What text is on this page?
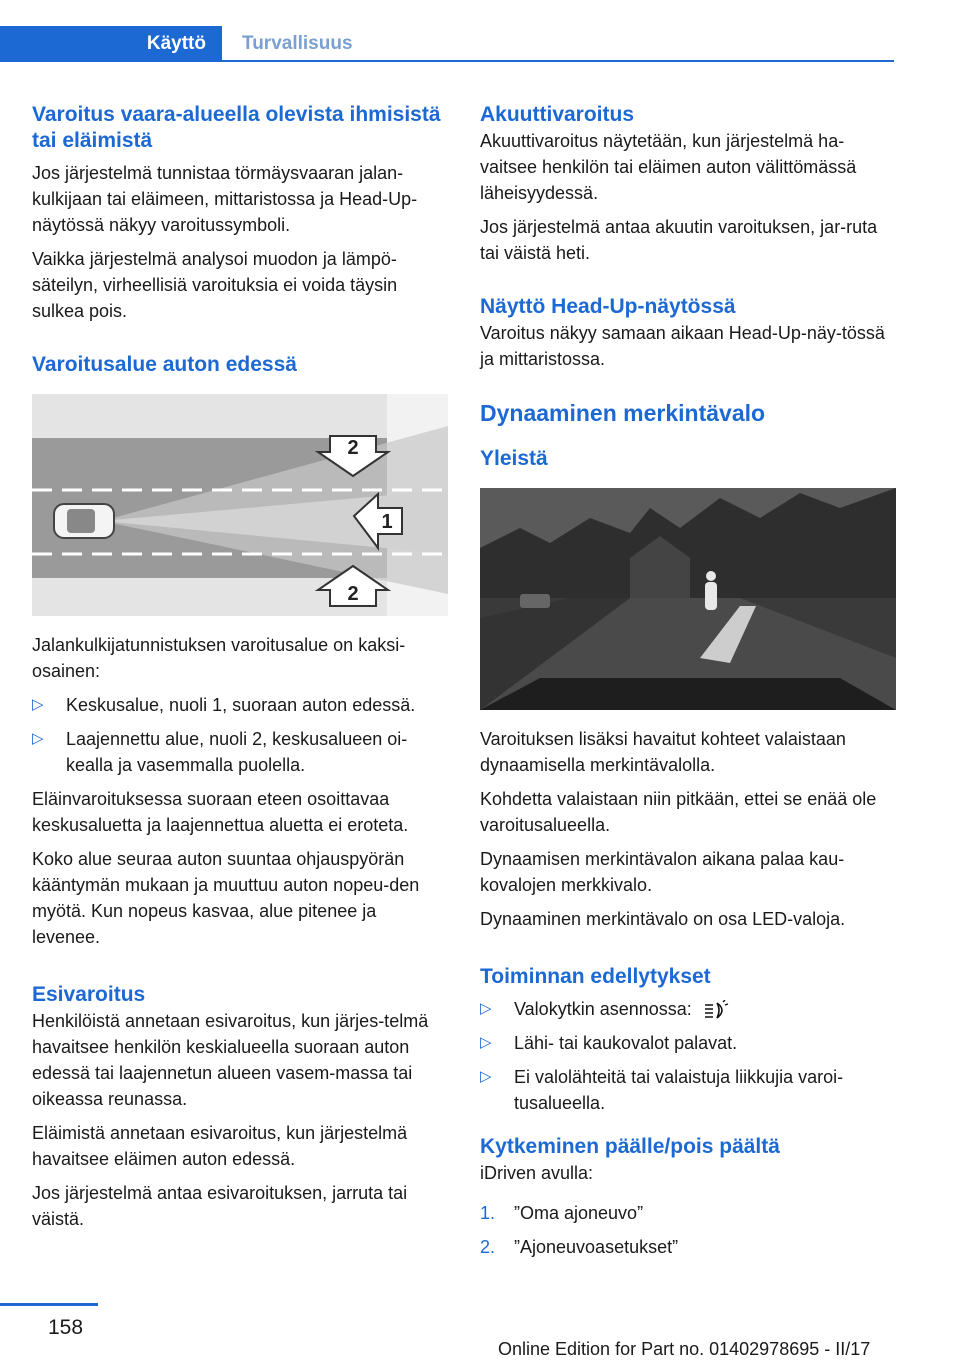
Käyttö	Turvallisuus
Varoitus vaara-alueella olevista ihmisistä tai eläimistä

Jos järjestelmä tunnistaa törmäysvaaran jalan-kulkijaan tai eläimeen, mittaristossa ja Head-Up-näytössä näkyy varoitussymboli.

Vaikka järjestelmä analysoi muodon ja lämpö-säteilyn, virheellisiä varoituksia ei voida täysin sulkea pois.

Varoitusalue auton edessä
2
1
2

Jalankulkijatunnistuksen varoitusalue on kaksi-osainen:

▷ Keskusalue, nuoli 1, suoraan auton edessä.
▷ Laajennettu alue, nuoli 2, keskusalueen oi-kealla ja vasemmalla puolella.

Eläinvaroituksessa suoraan eteen osoittavaa keskusaluetta ja laajennettua aluetta ei eroteta.

Koko alue seuraa auton suuntaa ohjauspyörän kääntymän mukaan ja muuttuu auton nopeu-den myötä. Kun nopeus kasvaa, alue pitenee ja levenee.

Esivaroitus

Henkilöistä annetaan esivaroitus, kun järjes-telmä havaitsee henkilön keskialueella suoraan auton edessä tai laajennetun alueen vasem-massa tai oikeassa reunassa.

Eläimistä annetaan esivaroitus, kun järjestelmä havaitsee eläimen auton edessä.

Jos järjestelmä antaa esivaroituksen, jarruta tai väistä.

Akuuttivaroitus

Akuuttivaroitus näytetään, kun järjestelmä ha-vaitsee henkilön tai eläimen auton välittömässä läheisyydessä.

Jos järjestelmä antaa akuutin varoituksen, jar-ruta tai väistä heti.

Näyttö Head-Up-näytössä

Varoitus näkyy samaan aikaan Head-Up-näy-tössä ja mittaristossa.

Dynaaminen merkintävalo
Yleistä

Varoituksen lisäksi havaitut kohteet valaistaan dynaamisella merkintävalolla.

Kohdetta valaistaan niin pitkään, ettei se enää ole varoitusalueella.

Dynaamisen merkintävalon aikana palaa kau-kovalojen merkkivalo.

Dynaaminen merkintävalo on osa LED-valoja.

Toiminnan edellytykset
▷ Valokytkin asennossa:
▷ Lähi- tai kaukovalot palavat.
▷ Ei valolähteitä tai valaistuja liikkujia varoi-tusalueella.
Kytkeminen päälle/pois päältä

iDriven avulla:

1. ”Oma ajoneuvo”
2. ”Ajoneuvoasetukset”
158
Online Edition for Part no. 01402978695 - II/17
